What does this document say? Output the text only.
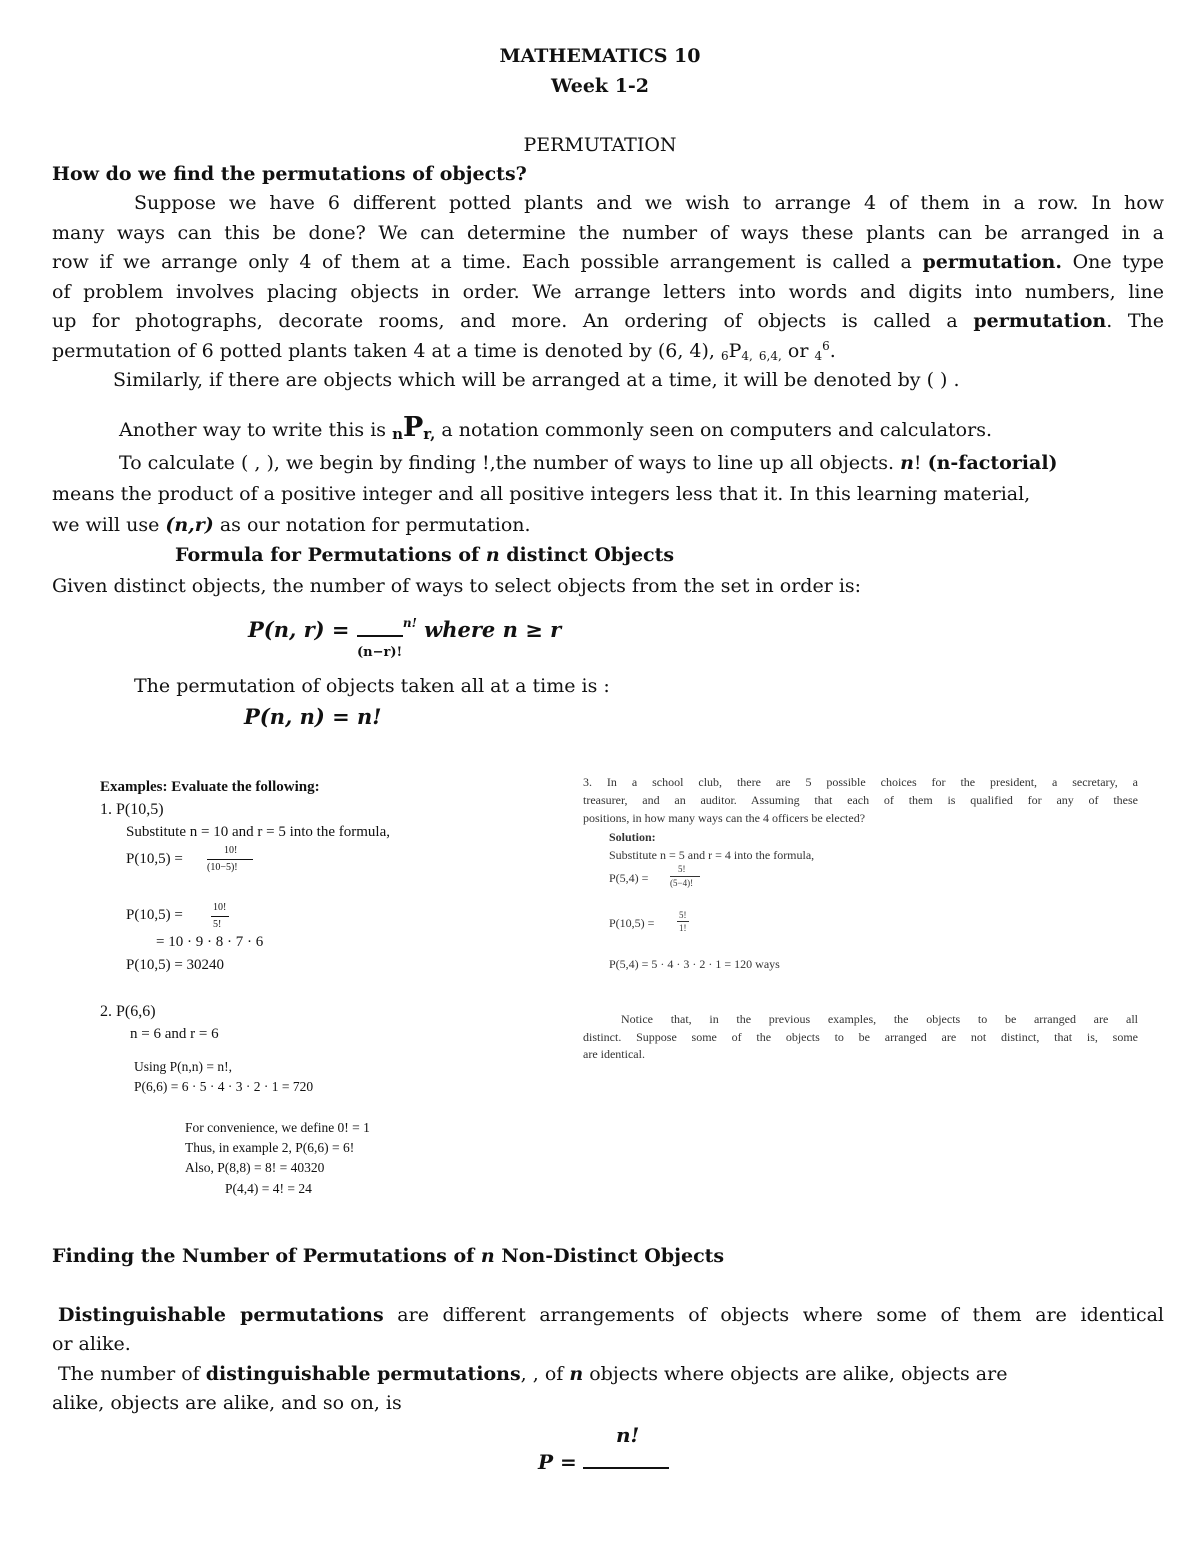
MATHEMATICS 10
Week 1-2
PERMUTATION
How do we find the permutations of objects?
Suppose we have 6 different potted plants and we wish to arrange 4 of them in a row. In how
many ways can this be done? We can determine the number of ways these plants can be arranged in a
row if we arrange only 4 of them at a time. Each possible arrangement is called a permutation. One type
of problem involves placing objects in order. We arrange letters into words and digits into numbers, line
up for photographs, decorate rooms, and more. An ordering of objects is called a permutation. The
permutation of 6 potted plants taken 4 at a time is denoted by (6, 4), $_6P_{4,}$ $_{6,4,}$ or $_4^6$.
Similarly, if there are objects which will be arranged at a time, it will be denoted by ( ) .
Another way to write this is $_nP_{r,}$ a notation commonly seen on computers and calculators.
To calculate ( , ), we begin by finding !,the number of ways to line up all objects. n! (n-factorial)
means the product of a positive integer and all positive integers less that it. In this learning material,
we will use (n,r) as our notation for permutation.
Formula for Permutations of n distinct Objects
Given distinct objects, the number of ways to select objects from the set in order is:
P(n, r) =	$^{n!}$ where n ≥ r
(n−r)!
The permutation of objects taken all at a time is :
P(n, n) = n!
Examples: Evaluate the following:
1. P(10,5)
Substitute n = 10 and r = 5 into the formula,
P(10,5) =
10!
(10−5)!
P(10,5) =	10!
5!
= 10 · 9 · 8 · 7 · 6
P(10,5) = 30240
2. P(6,6)
n = 6 and r = 6
Using P(n,n) = n!,
P(6,6) = 6 · 5 · 4 · 3 · 2 · 1 = 720
For convenience, we define 0! = 1
Thus, in example 2, P(6,6) = 6!
Also, P(8,8) = 8! = 40320
P(4,4) = 4! = 24
3. In a school club, there are 5 possible choices for the president, a secretary, a
treasurer, and an auditor. Assuming that each of them is qualified for any of these
positions, in how many ways can the 4 officers be elected?
Solution:
Substitute n = 5 and r = 4 into the formula,
P(5,4) =
5!
(5−4)!
P(10,5) =
5!
1!
P(5,4) = 5 · 4 · 3 · 2 · 1 = 120 ways
Notice that, in the previous examples, the objects to be arranged are all
distinct. Suppose some of the objects to be arranged are not distinct, that is, some
are identical.
Finding the Number of Permutations of n Non-Distinct Objects
Distinguishable permutations are different arrangements of objects where some of them are identical
or alike.
The number of distinguishable permutations, , of n objects where objects are alike, objects are
alike, objects are alike, and so on, is
n!
P =
